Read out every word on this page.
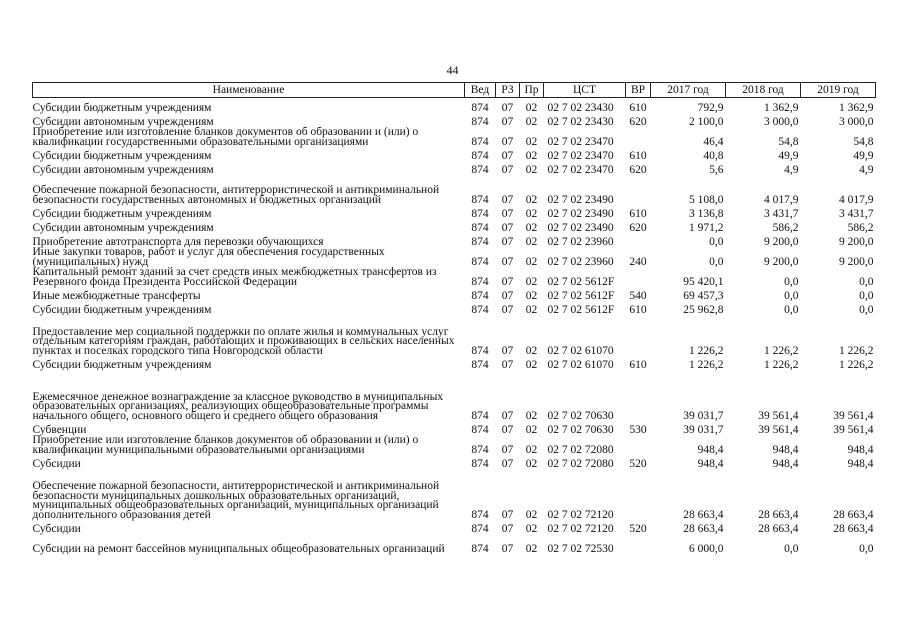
44
Наименование	Вед	РЗ	Пр	ЦСТ	ВР	2017 год	2018 год	2019 год
Субсидии бюджетным учреждениям	874	07	02	02 7 02 23430	610	792,9	1 362,9	1 362,9
Субсидии автономным учреждениям	874	07	02	02 7 02 23430	620	2 100,0	3 000,0	3 000,0
Приобретение или изготовление бланков документов об образовании и (или) о квалификации государственными образовательными организациями	874	07	02	02 7 02 23470		46,4	54,8	54,8
Субсидии бюджетным учреждениям	874	07	02	02 7 02 23470	610	40,8	49,9	49,9
Субсидии автономным учреждениям	874	07	02	02 7 02 23470	620	5,6	4,9	4,9
Обеспечение пожарной безопасности, антитеррористической и антикриминальной безопасности государственных автономных и бюджетных организаций	874	07	02	02 7 02 23490		5 108,0	4 017,9	4 017,9
Субсидии бюджетным учреждениям	874	07	02	02 7 02 23490	610	3 136,8	3 431,7	3 431,7
Субсидии автономным учреждениям	874	07	02	02 7 02 23490	620	1 971,2	586,2	586,2
Приобретение автотранспорта для перевозки обучающихся	874	07	02	02 7 02 23960		0,0	9 200,0	9 200,0
Иные закупки товаров, работ и услуг для обеспечения государственных (муниципальных) нужд	874	07	02	02 7 02 23960	240	0,0	9 200,0	9 200,0
Капитальный ремонт зданий за счет средств иных межбюджетных трансфертов из Резервного фонда Президента Российской Федерации	874	07	02	02 7 02 5612F		95 420,1	0,0	0,0
Иные межбюджетные трансферты	874	07	02	02 7 02 5612F	540	69 457,3	0,0	0,0
Субсидии бюджетным учреждениям	874	07	02	02 7 02 5612F	610	25 962,8	0,0	0,0
Предоставление мер социальной поддержки по оплате жилья и коммунальных услуг отдельным категориям граждан, работающих и проживающих в сельских населенных пунктах и поселках городского типа Новгородской области	874	07	02	02 7 02 61070		1 226,2	1 226,2	1 226,2
Субсидии бюджетным учреждениям	874	07	02	02 7 02 61070	610	1 226,2	1 226,2	1 226,2
Ежемесячное денежное вознаграждение за классное руководство в муниципальных образовательных организациях, реализующих общеобразовательные программы начального общего, основного общего и среднего общего образования	874	07	02	02 7 02 70630		39 031,7	39 561,4	39 561,4
Субвенции	874	07	02	02 7 02 70630	530	39 031,7	39 561,4	39 561,4
Приобретение или изготовление бланков документов об образовании и (или) о квалификации муниципальными образовательными организациями	874	07	02	02 7 02 72080		948,4	948,4	948,4
Субсидии	874	07	02	02 7 02 72080	520	948,4	948,4	948,4
Обеспечение пожарной безопасности, антитеррористической и антикриминальной безопасности муниципальных дошкольных образовательных организаций, муниципальных общеобразовательных организаций, муниципальных организаций дополнительного образования детей	874	07	02	02 7 02 72120		28 663,4	28 663,4	28 663,4
Субсидии	874	07	02	02 7 02 72120	520	28 663,4	28 663,4	28 663,4
Субсидии на ремонт бассейнов муниципальных общеобразовательных организаций	874	07	02	02 7 02 72530		6 000,0	0,0	0,0
